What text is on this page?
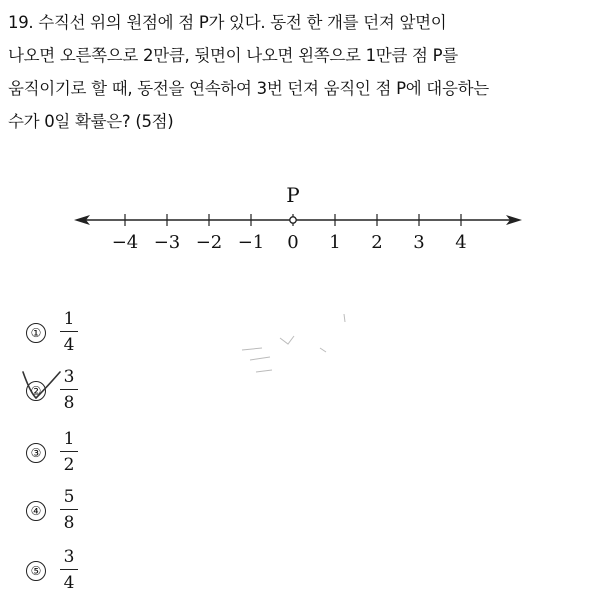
19. 수직선 위의 원점에 점 P가 있다. 동전 한 개를 던져 앞면이
나오면 오른쪽으로 2만큼, 뒷면이 나오면 왼쪽으로 1만큼 점 P를
움직이기로 할 때, 동전을 연속하여 3번 던져 움직인 점 P에 대응하는
수가 0일 확률은? (5점)
−4 −3 −2 −1 0 1 2 3 4
P
①
1
4
②
3
8
③
1
2
④
5
8
⑤
3
4
